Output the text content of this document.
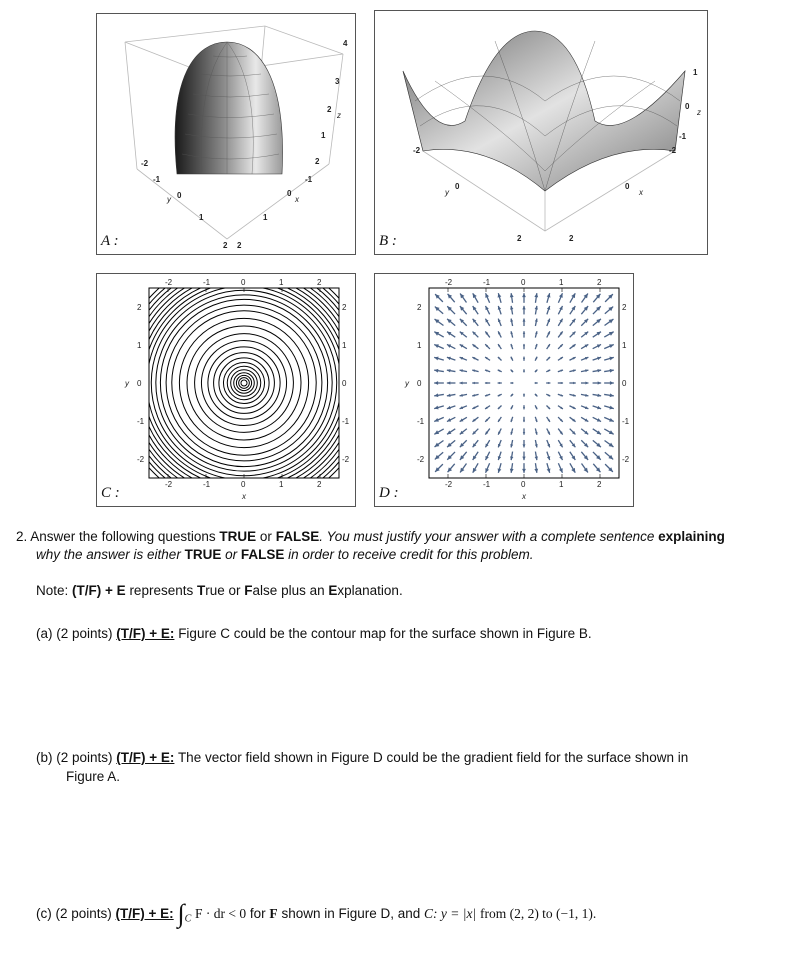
-2
-1
0
y
1
2 2
1
0
x
-1
2
1
2
z
3
4
A :
-2
y
0
2	2
0
x
-2
-1
0
z
1
B :
-2
-2
-1
-1
0
0
1
1
2
2
2	2
1	1
0	0
-1	-1
-2	-2
x
y
C :
-2
-2
-1
-1
0
0
1
1
2
2
2	2
1	1
0	0
-1	-1
-2	-2
x
y
D :
2. Answer the following questions TRUE or FALSE. You must justify your answer with a complete sentence explaining
why the answer is either TRUE or FALSE in order to receive credit for this problem.
Note: (T/F) + E represents True or False plus an Explanation.
(a) (2 points) (T/F) + E: Figure C could be the contour map for the surface shown in Figure B.
(b) (2 points) (T/F) + E: The vector field shown in Figure D could be the gradient field for the surface shown in
Figure A.
(c) (2 points) (T/F) + E: $\int_C$ F · dr < 0 for F shown in Figure D, and C: y = |x| from (2, 2) to (−1, 1).
